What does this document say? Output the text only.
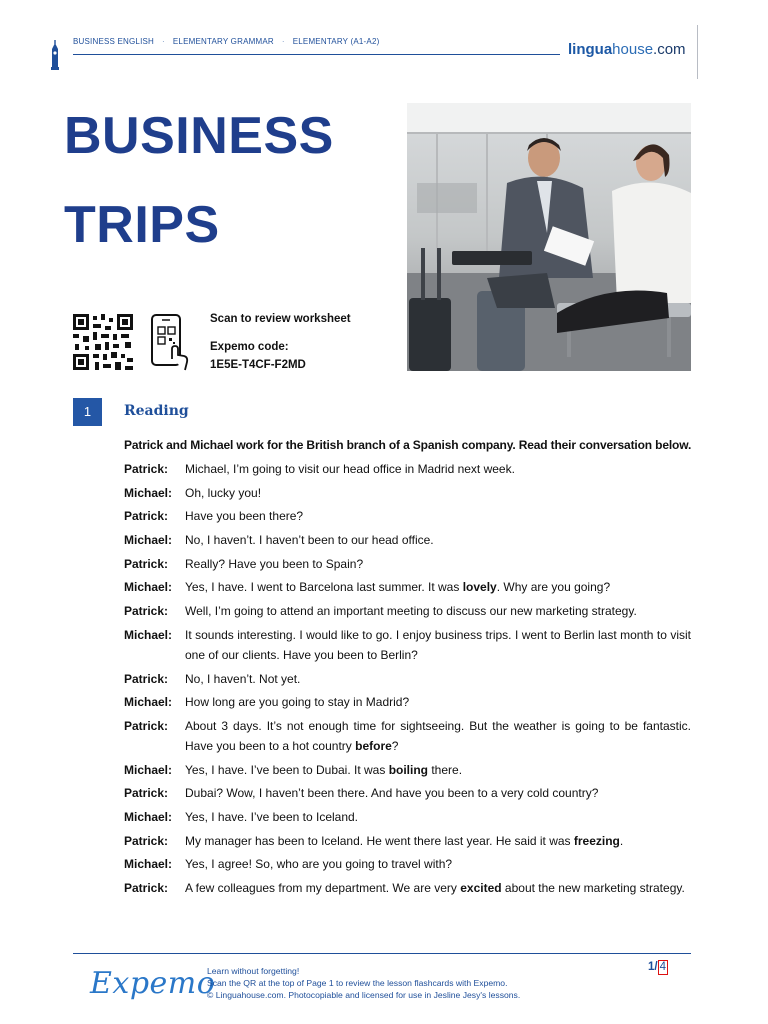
BUSINESS ENGLISH · ELEMENTARY GRAMMAR · ELEMENTARY (A1-A2)	linguahouse.com
BUSINESS
TRIPS
Scan to review worksheet
Expemo code:
1E5E-T4CF-F2MD
1	Reading
Patrick and Michael work for the British branch of a Spanish company. Read their conversation below.
Patrick:	Michael, I’m going to visit our head office in Madrid next week.
Michael:	Oh, lucky you!
Patrick:	Have you been there?
Michael:	No, I haven’t. I haven’t been to our head office.
Patrick:	Really? Have you been to Spain?
Michael:	Yes, I have. I went to Barcelona last summer. It was lovely. Why are you going?
Patrick:	Well, I’m going to attend an important meeting to discuss our new marketing strategy.
Michael:	It sounds interesting. I would like to go. I enjoy business trips. I went to Berlin last month to visit one of our clients. Have you been to Berlin?
Patrick:	No, I haven’t. Not yet.
Michael:	How long are you going to stay in Madrid?
Patrick:	About 3 days. It’s not enough time for sightseeing. But the weather is going to be fantastic. Have you been to a hot country before?
Michael:	Yes, I have. I’ve been to Dubai. It was boiling there.
Patrick:	Dubai? Wow, I haven’t been there. And have you been to a very cold country?
Michael:	Yes, I have. I’ve been to Iceland.
Patrick:	My manager has been to Iceland. He went there last year. He said it was freezing.
Michael:	Yes, I agree! So, who are you going to travel with?
Patrick:	A few colleagues from my department. We are very excited about the new marketing strategy.
Expemo
Learn without forgetting!
Scan the QR at the top of Page 1 to review the lesson flashcards with Expemo.
© Linguahouse.com. Photocopiable and licensed for use in Jesline Jesy's lessons.
1/ 4
